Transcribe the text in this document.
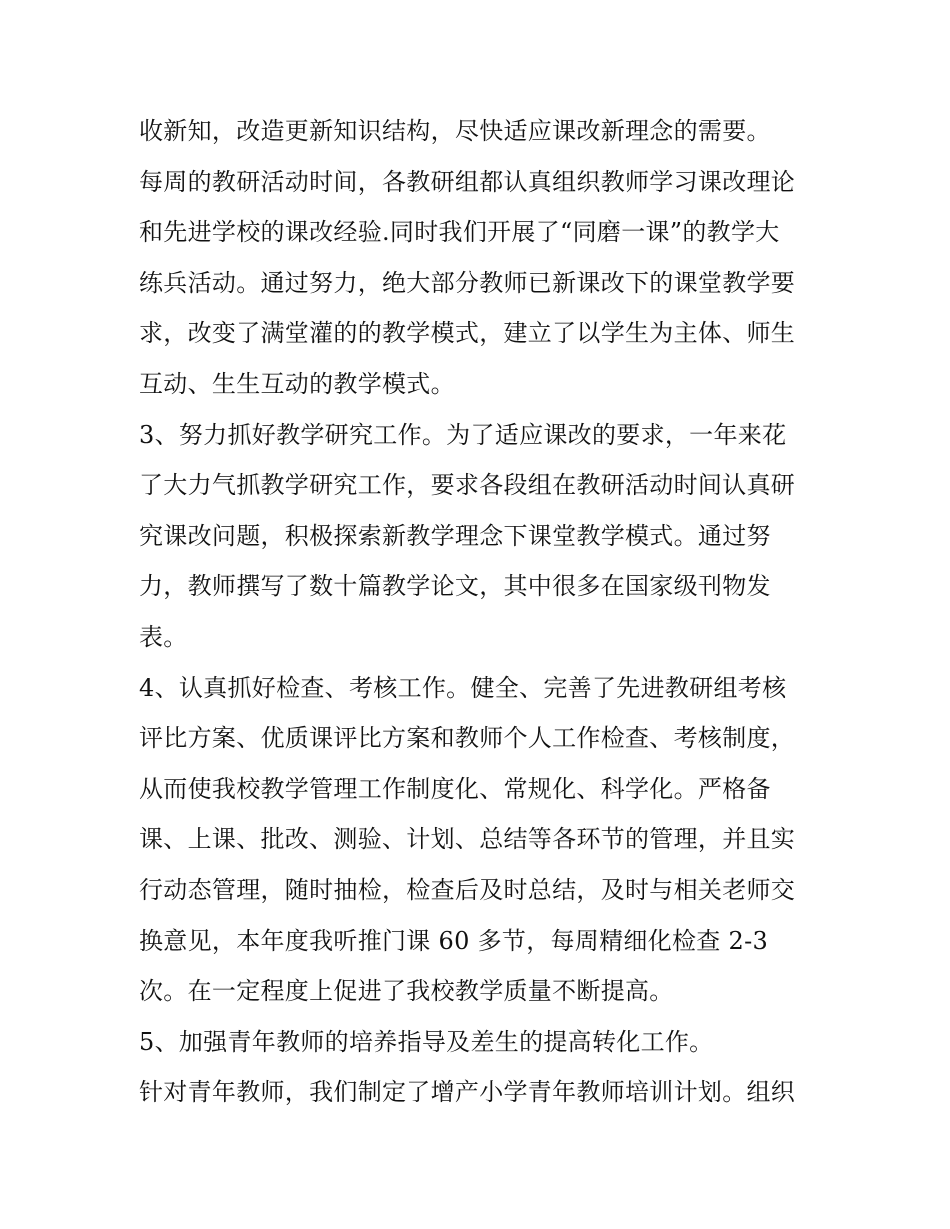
收新知，改造更新知识结构，尽快适应课改新理念的需要。
每周的教研活动时间，各教研组都认真组织教师学习课改理论
和先进学校的课改经验.同时我们开展了“同磨一课”的教学大
练兵活动。通过努力，绝大部分教师已新课改下的课堂教学要
求，改变了满堂灌的的教学模式，建立了以学生为主体、师生
互动、生生互动的教学模式。
3、努力抓好教学研究工作。为了适应课改的要求，一年来花
了大力气抓教学研究工作，要求各段组在教研活动时间认真研
究课改问题，积极探索新教学理念下课堂教学模式。通过努
力，教师撰写了数十篇教学论文，其中很多在国家级刊物发
表。
4、认真抓好检查、考核工作。健全、完善了先进教研组考核
评比方案、优质课评比方案和教师个人工作检查、考核制度，
从而使我校教学管理工作制度化、常规化、科学化。严格备
课、上课、批改、测验、计划、总结等各环节的管理，并且实
行动态管理，随时抽检，检查后及时总结，及时与相关老师交
换意见，本年度我听推门课 60 多节，每周精细化检查 2-3
次。在一定程度上促进了我校教学质量不断提高。
5、加强青年教师的培养指导及差生的提高转化工作。
针对青年教师，我们制定了增产小学青年教师培训计划。组织
